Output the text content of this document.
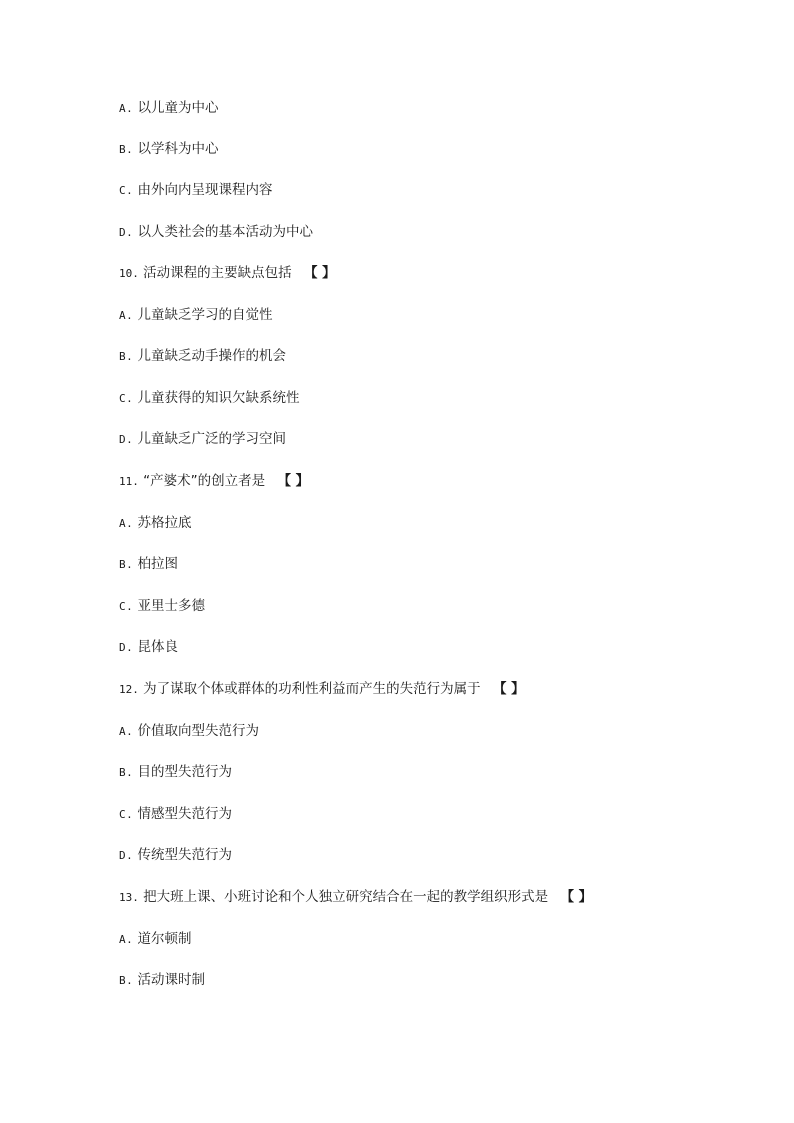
A. 以儿童为中心
B. 以学科为中心
C. 由外向内呈现课程内容
D. 以人类社会的基本活动为中心
10. 活动课程的主要缺点包括 【 】
A. 儿童缺乏学习的自觉性
B. 儿童缺乏动手操作的机会
C. 儿童获得的知识欠缺系统性
D. 儿童缺乏广泛的学习空间
11. “产婆术”的创立者是 【 】
A. 苏格拉底
B. 柏拉图
C. 亚里士多德
D. 昆体良
12. 为了谋取个体或群体的功利性利益而产生的失范行为属于 【 】
A. 价值取向型失范行为
B. 目的型失范行为
C. 情感型失范行为
D. 传统型失范行为
13. 把大班上课、小班讨论和个人独立研究结合在一起的教学组织形式是 【 】
A. 道尔顿制
B. 活动课时制
